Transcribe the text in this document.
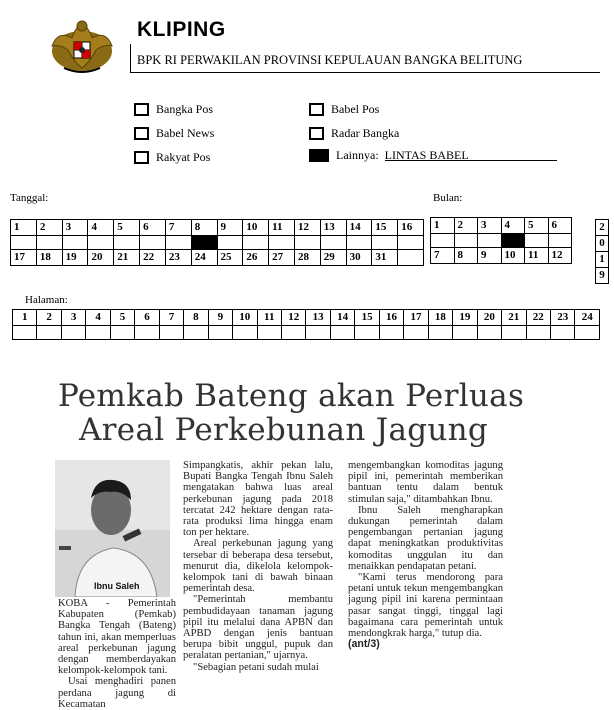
KLIPING
BPK RI PERWAKILAN PROVINSI KEPULAUAN BANGKA BELITUNG
Bangka Pos
Babel News
Rakyat Pos
Babel Pos
Radar Bangka
Lainnya: LINTAS BABEL
Tanggal:
1	2	3	4	5	6	7	8	9	10	11	12	13	14	15	16

17	18	19	20	21	22	23	24	25	26	27	28	29	30	31	
Bulan:
1	2	3	4	5	6

7	8	9	10	11	12
2
0
1
9
Halaman:
1	2	3	4	5	6	7	8	9	10	11	12	13	14	15	16	17	18	19	20	21	22	23	24

Pemkab Bateng akan Perluas
Areal Perkebunan Jagung
Ibnu Saleh

KOBA - Pemerintah Kabupaten (Pemkab) Bangka Tengah (Bateng) tahun ini, akan memperluas areal perkebunan jagung dengan memberdayakan kelompok-kelompok tani.

Usai menghadiri panen perdana jagung di Kecamatan

Simpangkatis, akhir pekan lalu, Bupati Bangka Tengah Ibnu Saleh mengatakan bahwa luas areal perkebunan jagung pada 2018 tercatat 242 hektare dengan rata-rata produksi lima hingga enam ton per hektare.

Areal perkebunan jagung yang tersebar di beberapa desa tersebut, menurut dia, dikelola kelompok-kelompok tani di bawah binaan pemerintah desa.

"Pemerintah membantu pembudidayaan tanaman jagung pipil itu melalui dana APBN dan APBD dengan jenis bantuan berupa bibit unggul, pupuk dan peralatan pertanian," ujarnya.

"Sebagian petani sudah mulai

mengembangkan komoditas jagung pipil ini, pemerintah memberikan bantuan tentu dalam bentuk stimulan saja," ditambahkan Ibnu.

Ibnu Saleh mengharapkan dukungan pemerintah dalam pengembangan pertanian jagung dapat meningkatkan produktivitas komoditas unggulan itu dan menaikkan pendapatan petani.

"Kami terus mendorong para petani untuk tekun mengembangkan jagung pipil ini karena permintaan pasar sangat tinggi, tinggal lagi bagaimana cara pemerintah untuk mendongkrak harga," tutup dia.

(ant/3)
